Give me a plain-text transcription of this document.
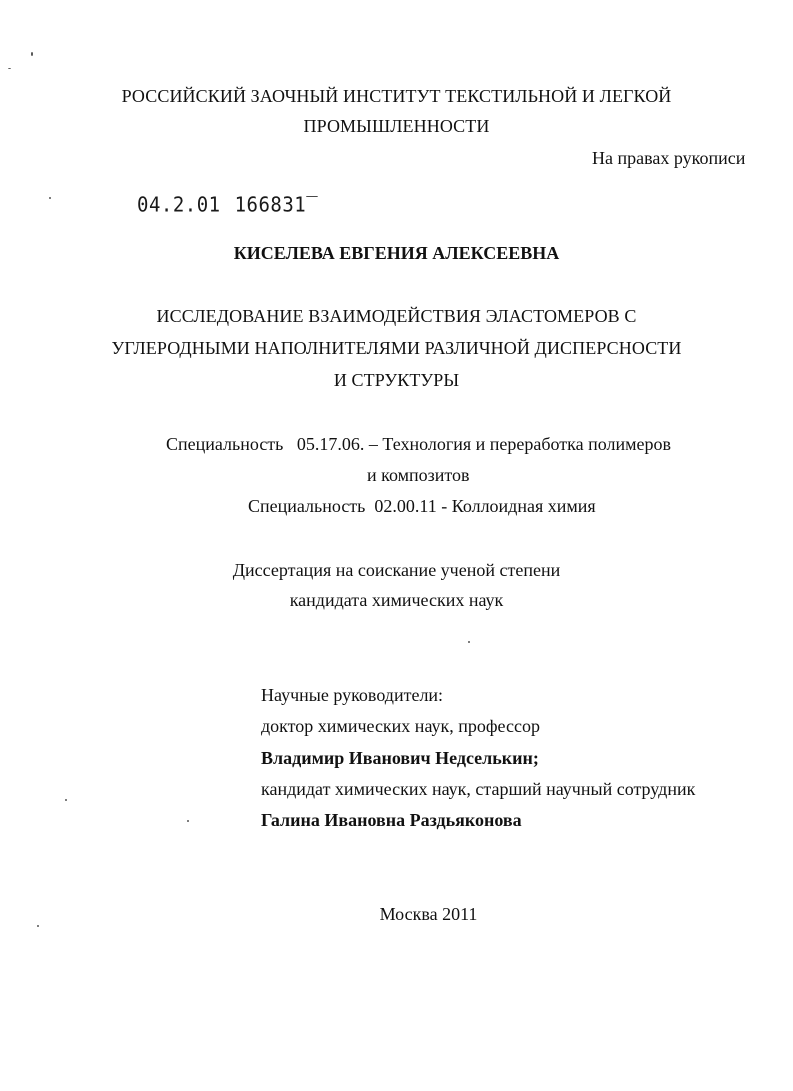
РОССИЙСКИЙ ЗАОЧНЫЙ ИНСТИТУТ ТЕКСТИЛЬНОЙ И ЛЕГКОЙ
ПРОМЫШЛЕННОСТИ
На правах рукописи
04.2.01 166831‾
КИСЕЛЕВА ЕВГЕНИЯ АЛЕКСЕЕВНА
ИССЛЕДОВАНИЕ ВЗАИМОДЕЙСТВИЯ ЭЛАСТОМЕРОВ С
УГЛЕРОДНЫМИ НАПОЛНИТЕЛЯМИ РАЗЛИЧНОЙ ДИСПЕРСНОСТИ
И СТРУКТУРЫ
Специальность 05.17.06. – Технология и переработка полимеров
и композитов
Специальность 02.00.11 - Коллоидная химия
Диссертация на соискание ученой степени
кандидата химических наук
Научные руководители:
доктор химических наук, профессор
Владимир Иванович Недселькин;
кандидат химических наук, старший научный сотрудник
Галина Ивановна Раздьяконова
Москва 2011
